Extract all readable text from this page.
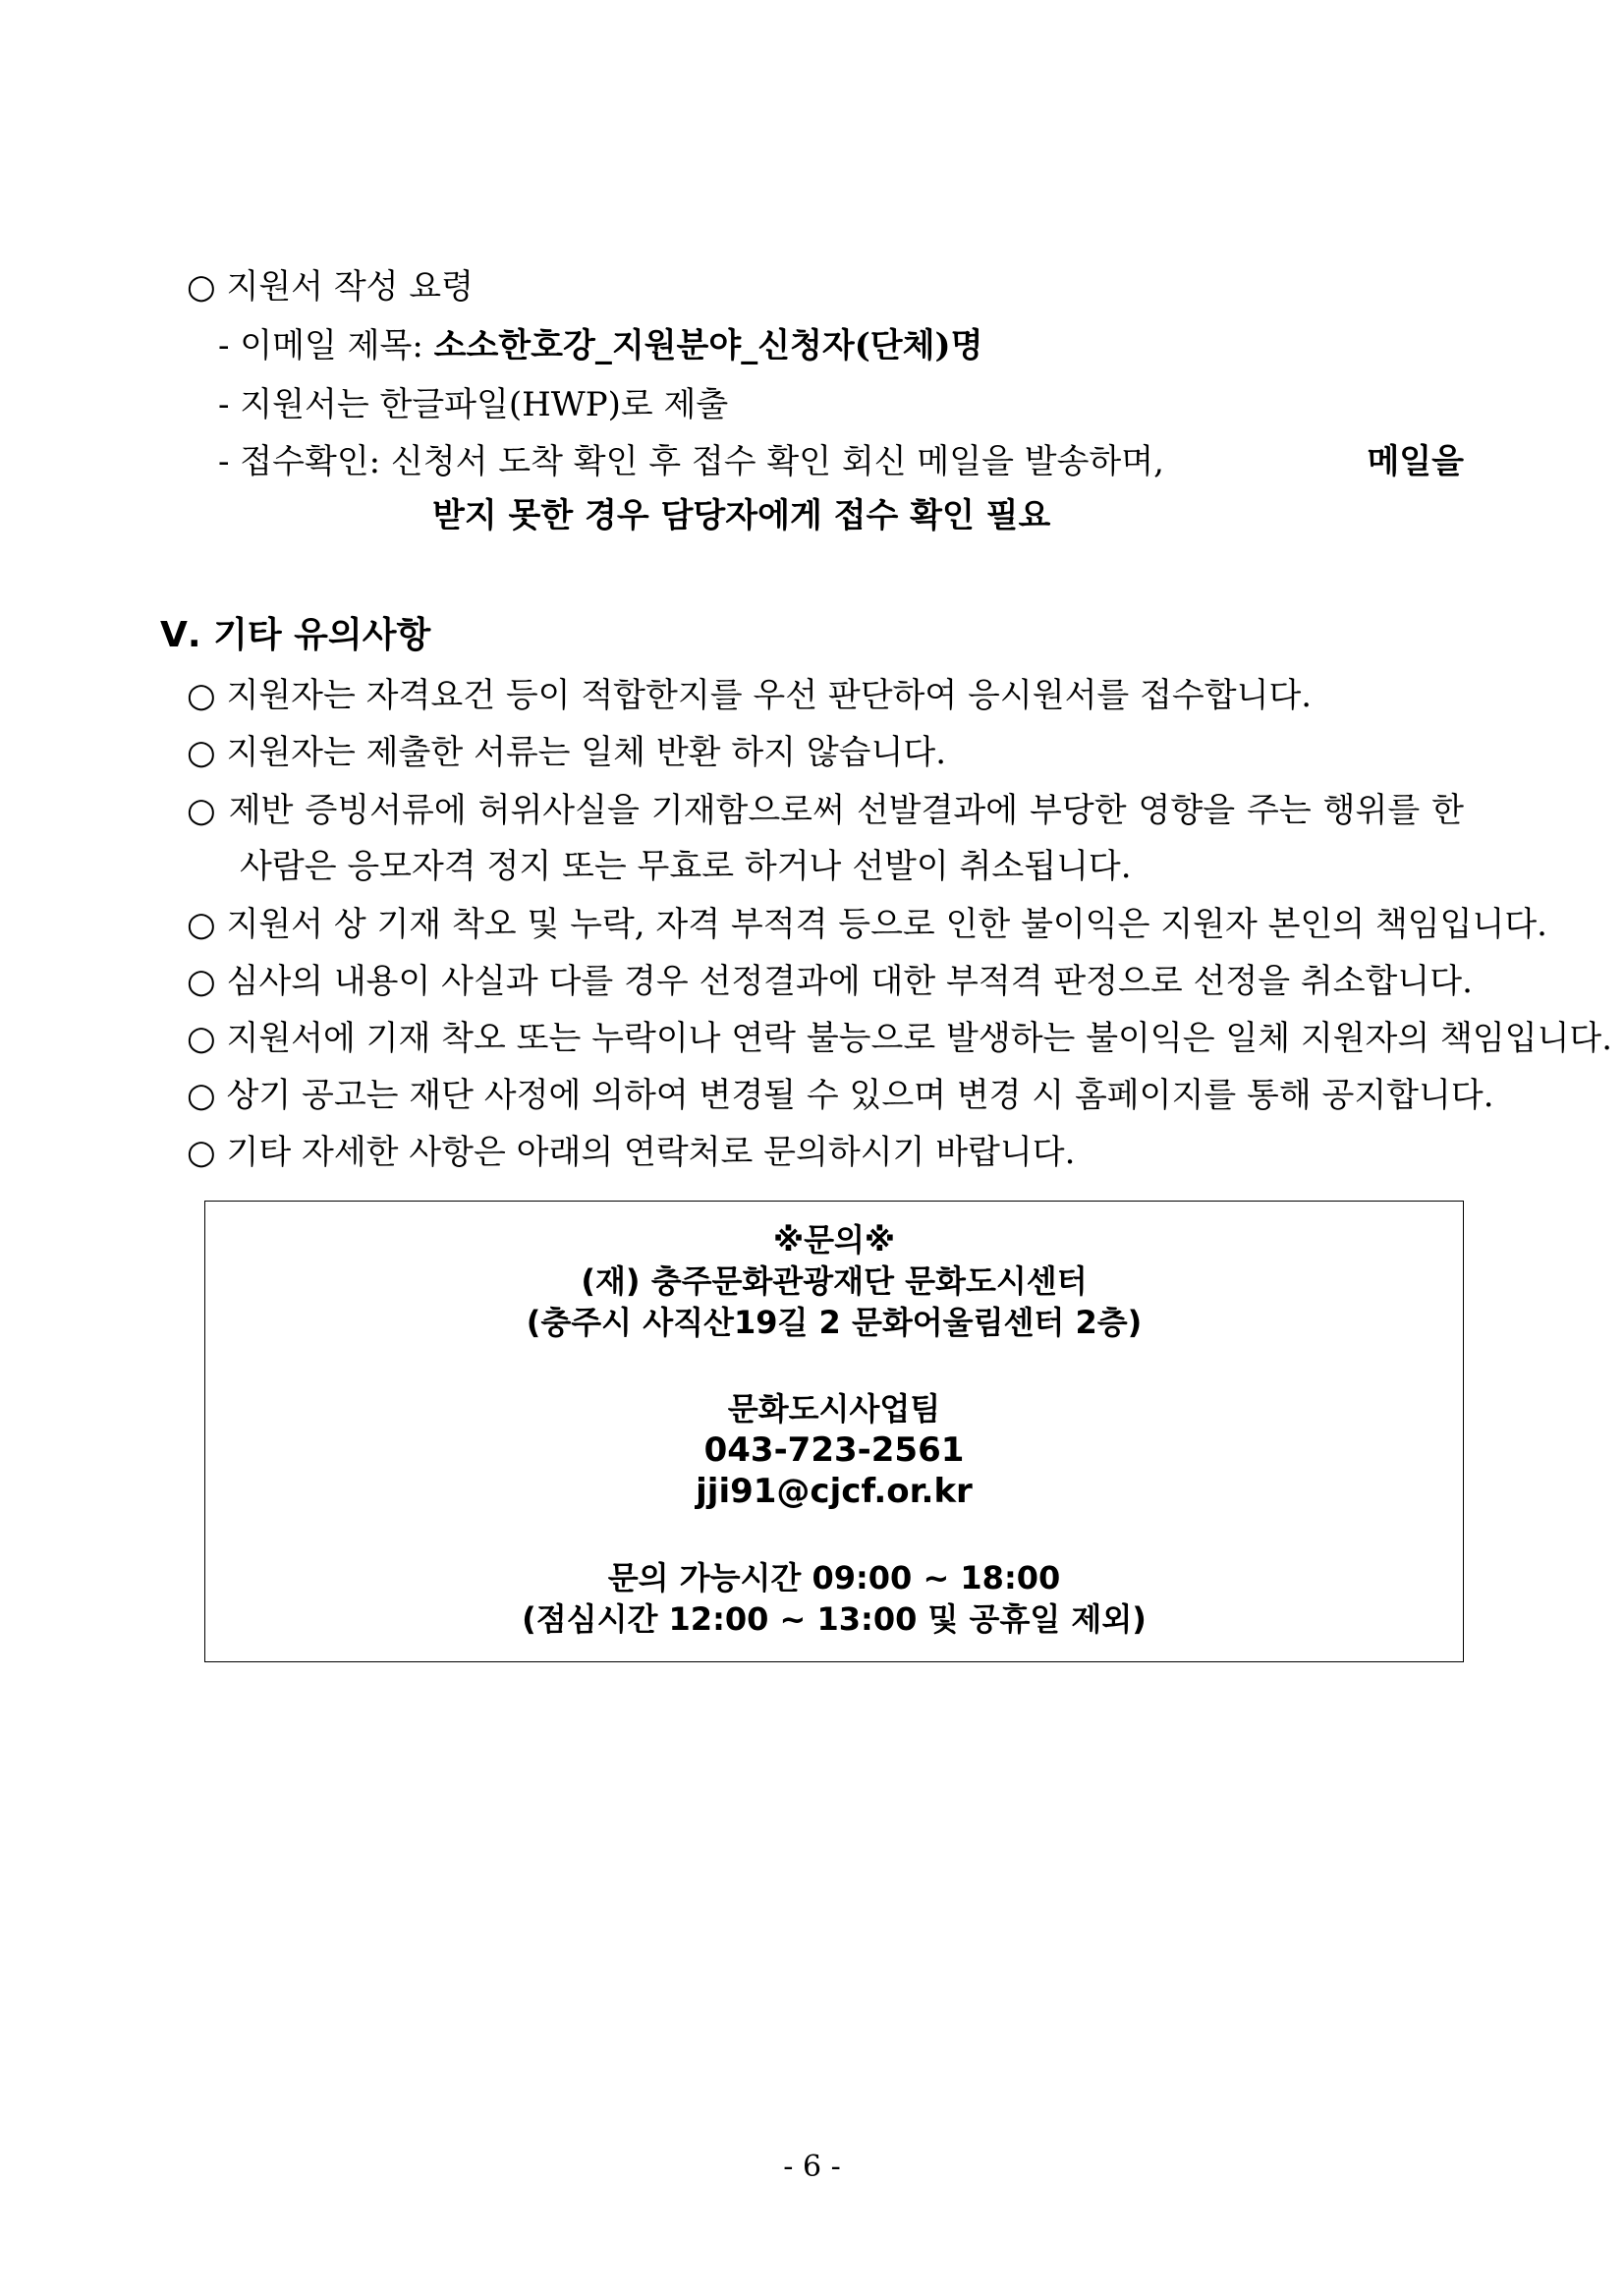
○ 지원서 작성 요령
- 이메일 제목: 소소한호강_지원분야_신청자(단체)명
- 지원서는 한글파일(HWP)로 제출
- 접수확인: 신청서 도착 확인 후 접수 확인 회신 메일을 발송하며,	메일을
받지 못한 경우 담당자에게 접수 확인 필요
Ⅴ. 기타 유의사항
○ 지원자는 자격요건 등이 적합한지를 우선 판단하여 응시원서를 접수합니다.
○ 지원자는 제출한 서류는 일체 반환 하지 않습니다.
○ 제반 증빙서류에 허위사실을 기재함으로써 선발결과에 부당한 영향을 주는 행위를 한
사람은 응모자격 정지 또는 무효로 하거나 선발이 취소됩니다.
○ 지원서 상 기재 착오 및 누락, 자격 부적격 등으로 인한 불이익은 지원자 본인의 책임입니다.
○ 심사의 내용이 사실과 다를 경우 선정결과에 대한 부적격 판정으로 선정을 취소합니다.
○ 지원서에 기재 착오 또는 누락이나 연락 불능으로 발생하는 불이익은 일체 지원자의 책임입니다.
○ 상기 공고는 재단 사정에 의하여 변경될 수 있으며 변경 시 홈페이지를 통해 공지합니다.
○ 기타 자세한 사항은 아래의 연락처로 문의하시기 바랍니다.
※문의※
(재) 충주문화관광재단 문화도시센터
(충주시 사직산19길 2 문화어울림센터 2층)
문화도시사업팀
043-723-2561
jji91@cjcf.or.kr
문의 가능시간 09:00 ~ 18:00
(점심시간 12:00 ~ 13:00 및 공휴일 제외)
- 6 -
